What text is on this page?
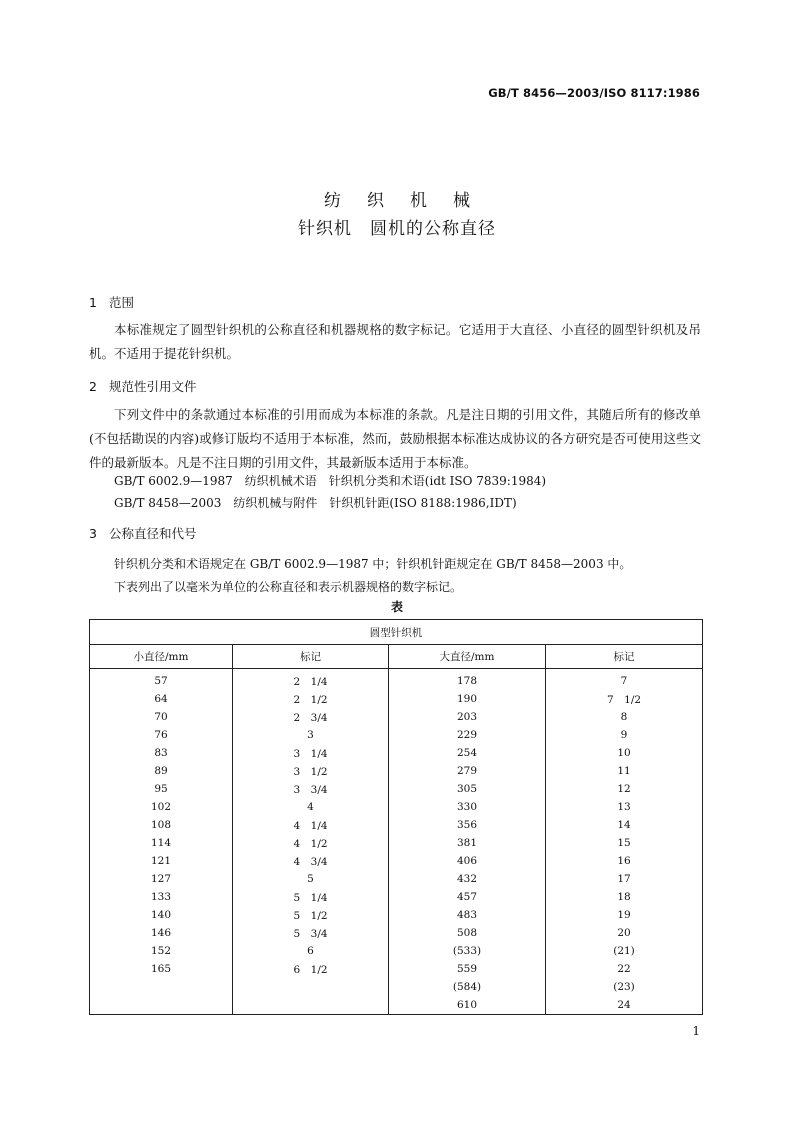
GB/T 8456—2003/ISO 8117:1986
纺织机械
针织机　圆机的公称直径
1 范围

本标准规定了圆型针织机的公称直径和机器规格的数字标记。它适用于大直径、小直径的圆型针织机及吊机。不适用于提花针织机。

2 规范性引用文件

下列文件中的条款通过本标准的引用而成为本标准的条款。凡是注日期的引用文件，其随后所有的修改单(不包括勘误的内容)或修订版均不适用于本标准，然而，鼓励根据本标准达成协议的各方研究是否可使用这些文件的最新版本。凡是不注日期的引用文件，其最新版本适用于本标准。

GB/T 6002.9—1987　纺织机械术语　针织机分类和术语(idt ISO 7839:1984)
GB/T 8458—2003　纺织机械与附件　针织机针距(ISO 8188:1986,IDT)
3 公称直径和代号
针织机分类和术语规定在 GB/T 6002.9—1987 中；针织机针距规定在 GB/T 8458—2003 中。
下表列出了以毫米为单位的公称直径和表示机器规格的数字标记。
表
圆型针织机			
小直径/mm	标记	大直径/mm	标记
57	2　1/4	178	7
64	2　1/2	190	7　1/2
70	2　3/4	203	8
76	3	229	9
83	3　1/4	254	10
89	3　1/2	279	11
95	3　3/4	305	12
102	4	330	13
108	4　1/4	356	14
114	4　1/2	381	15
121	4　3/4	406	16
127	5	432	17
133	5　1/4	457	18
140	5　1/2	483	19
146	5　3/4	508	20
152	6	(533)	(21)
165	6　1/2	559	22
		(584)	(23)
		610	24
1
